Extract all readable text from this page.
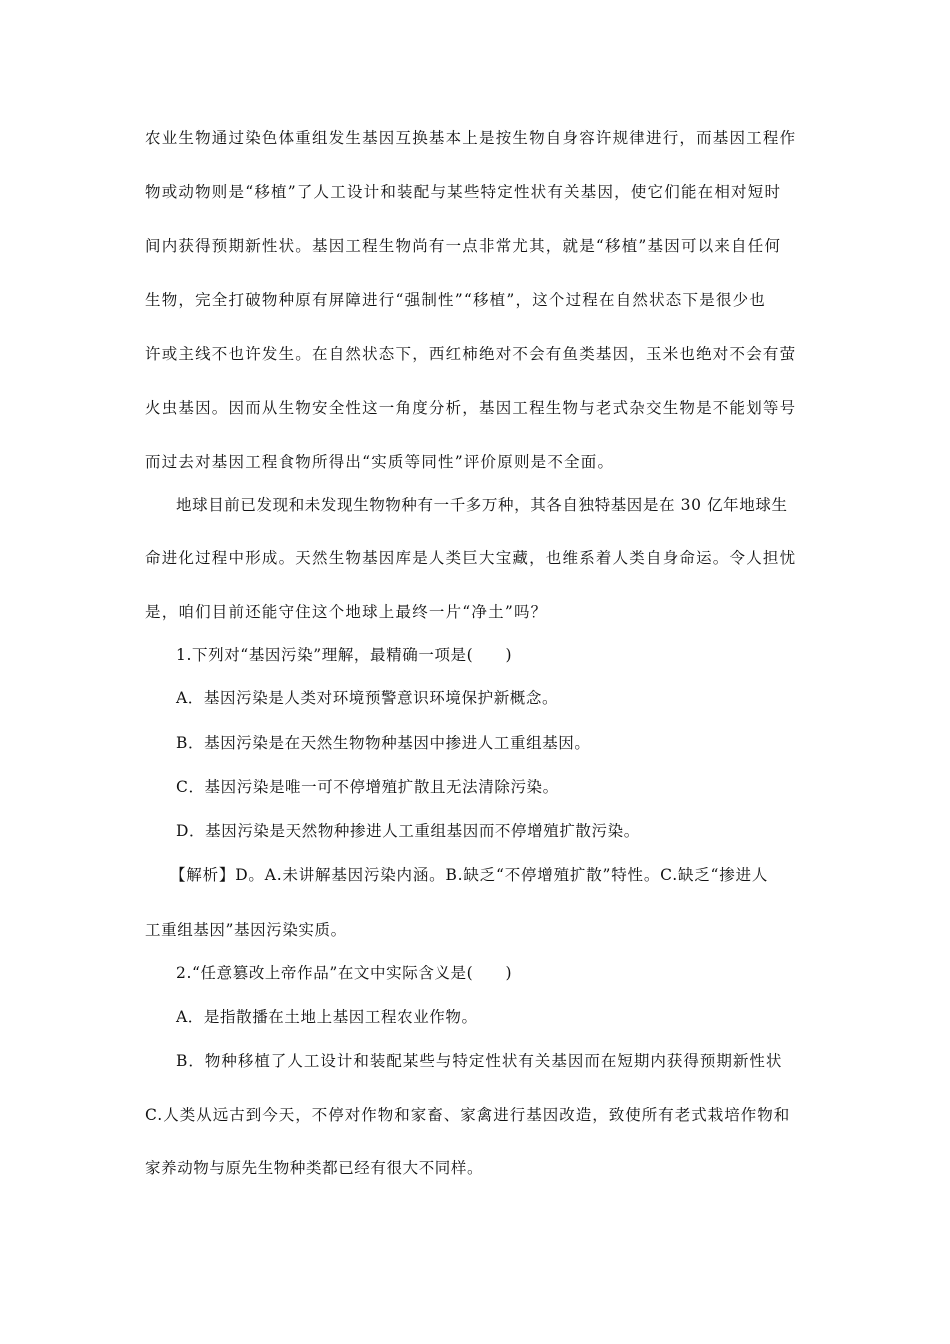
农业生物通过染色体重组发生基因互换基本上是按生物自身容许规律进行，而基因工程作
物或动物则是“移植”了人工设计和装配与某些特定性状有关基因，使它们能在相对短时
间内获得预期新性状。基因工程生物尚有一点非常尤其，就是“移植”基因可以来自任何
生物，完全打破物种原有屏障进行“强制性”“移植”，这个过程在自然状态下是很少也
许或主线不也许发生。在自然状态下，西红柿绝对不会有鱼类基因，玉米也绝对不会有萤
火虫基因。因而从生物安全性这一角度分析，基因工程生物与老式杂交生物是不能划等号
而过去对基因工程食物所得出“实质等同性”评价原则是不全面。
地球目前已发现和未发现生物物种有一千多万种，其各自独特基因是在 30 亿年地球生
命进化过程中形成。天然生物基因库是人类巨大宝藏，也维系着人类自身命运。令人担忧
是，咱们目前还能守住这个地球上最终一片“净土”吗？
1.下列对“基因污染”理解，最精确一项是(　　)
A．基因污染是人类对环境预警意识环境保护新概念。
B．基因污染是在天然生物物种基因中掺进人工重组基因。
C．基因污染是唯一可不停增殖扩散且无法清除污染。
D．基因污染是天然物种掺进人工重组基因而不停增殖扩散污染。
【解析】D。A.未讲解基因污染内涵。B.缺乏“不停增殖扩散”特性。C.缺乏“掺进人
工重组基因”基因污染实质。
2.“任意篡改上帝作品”在文中实际含义是(　　)
A．是指散播在土地上基因工程农业作物。
B．物种移植了人工设计和装配某些与特定性状有关基因而在短期内获得预期新性状
C.人类从远古到今天，不停对作物和家畜、家禽进行基因改造，致使所有老式栽培作物和
家养动物与原先生物种类都已经有很大不同样。
